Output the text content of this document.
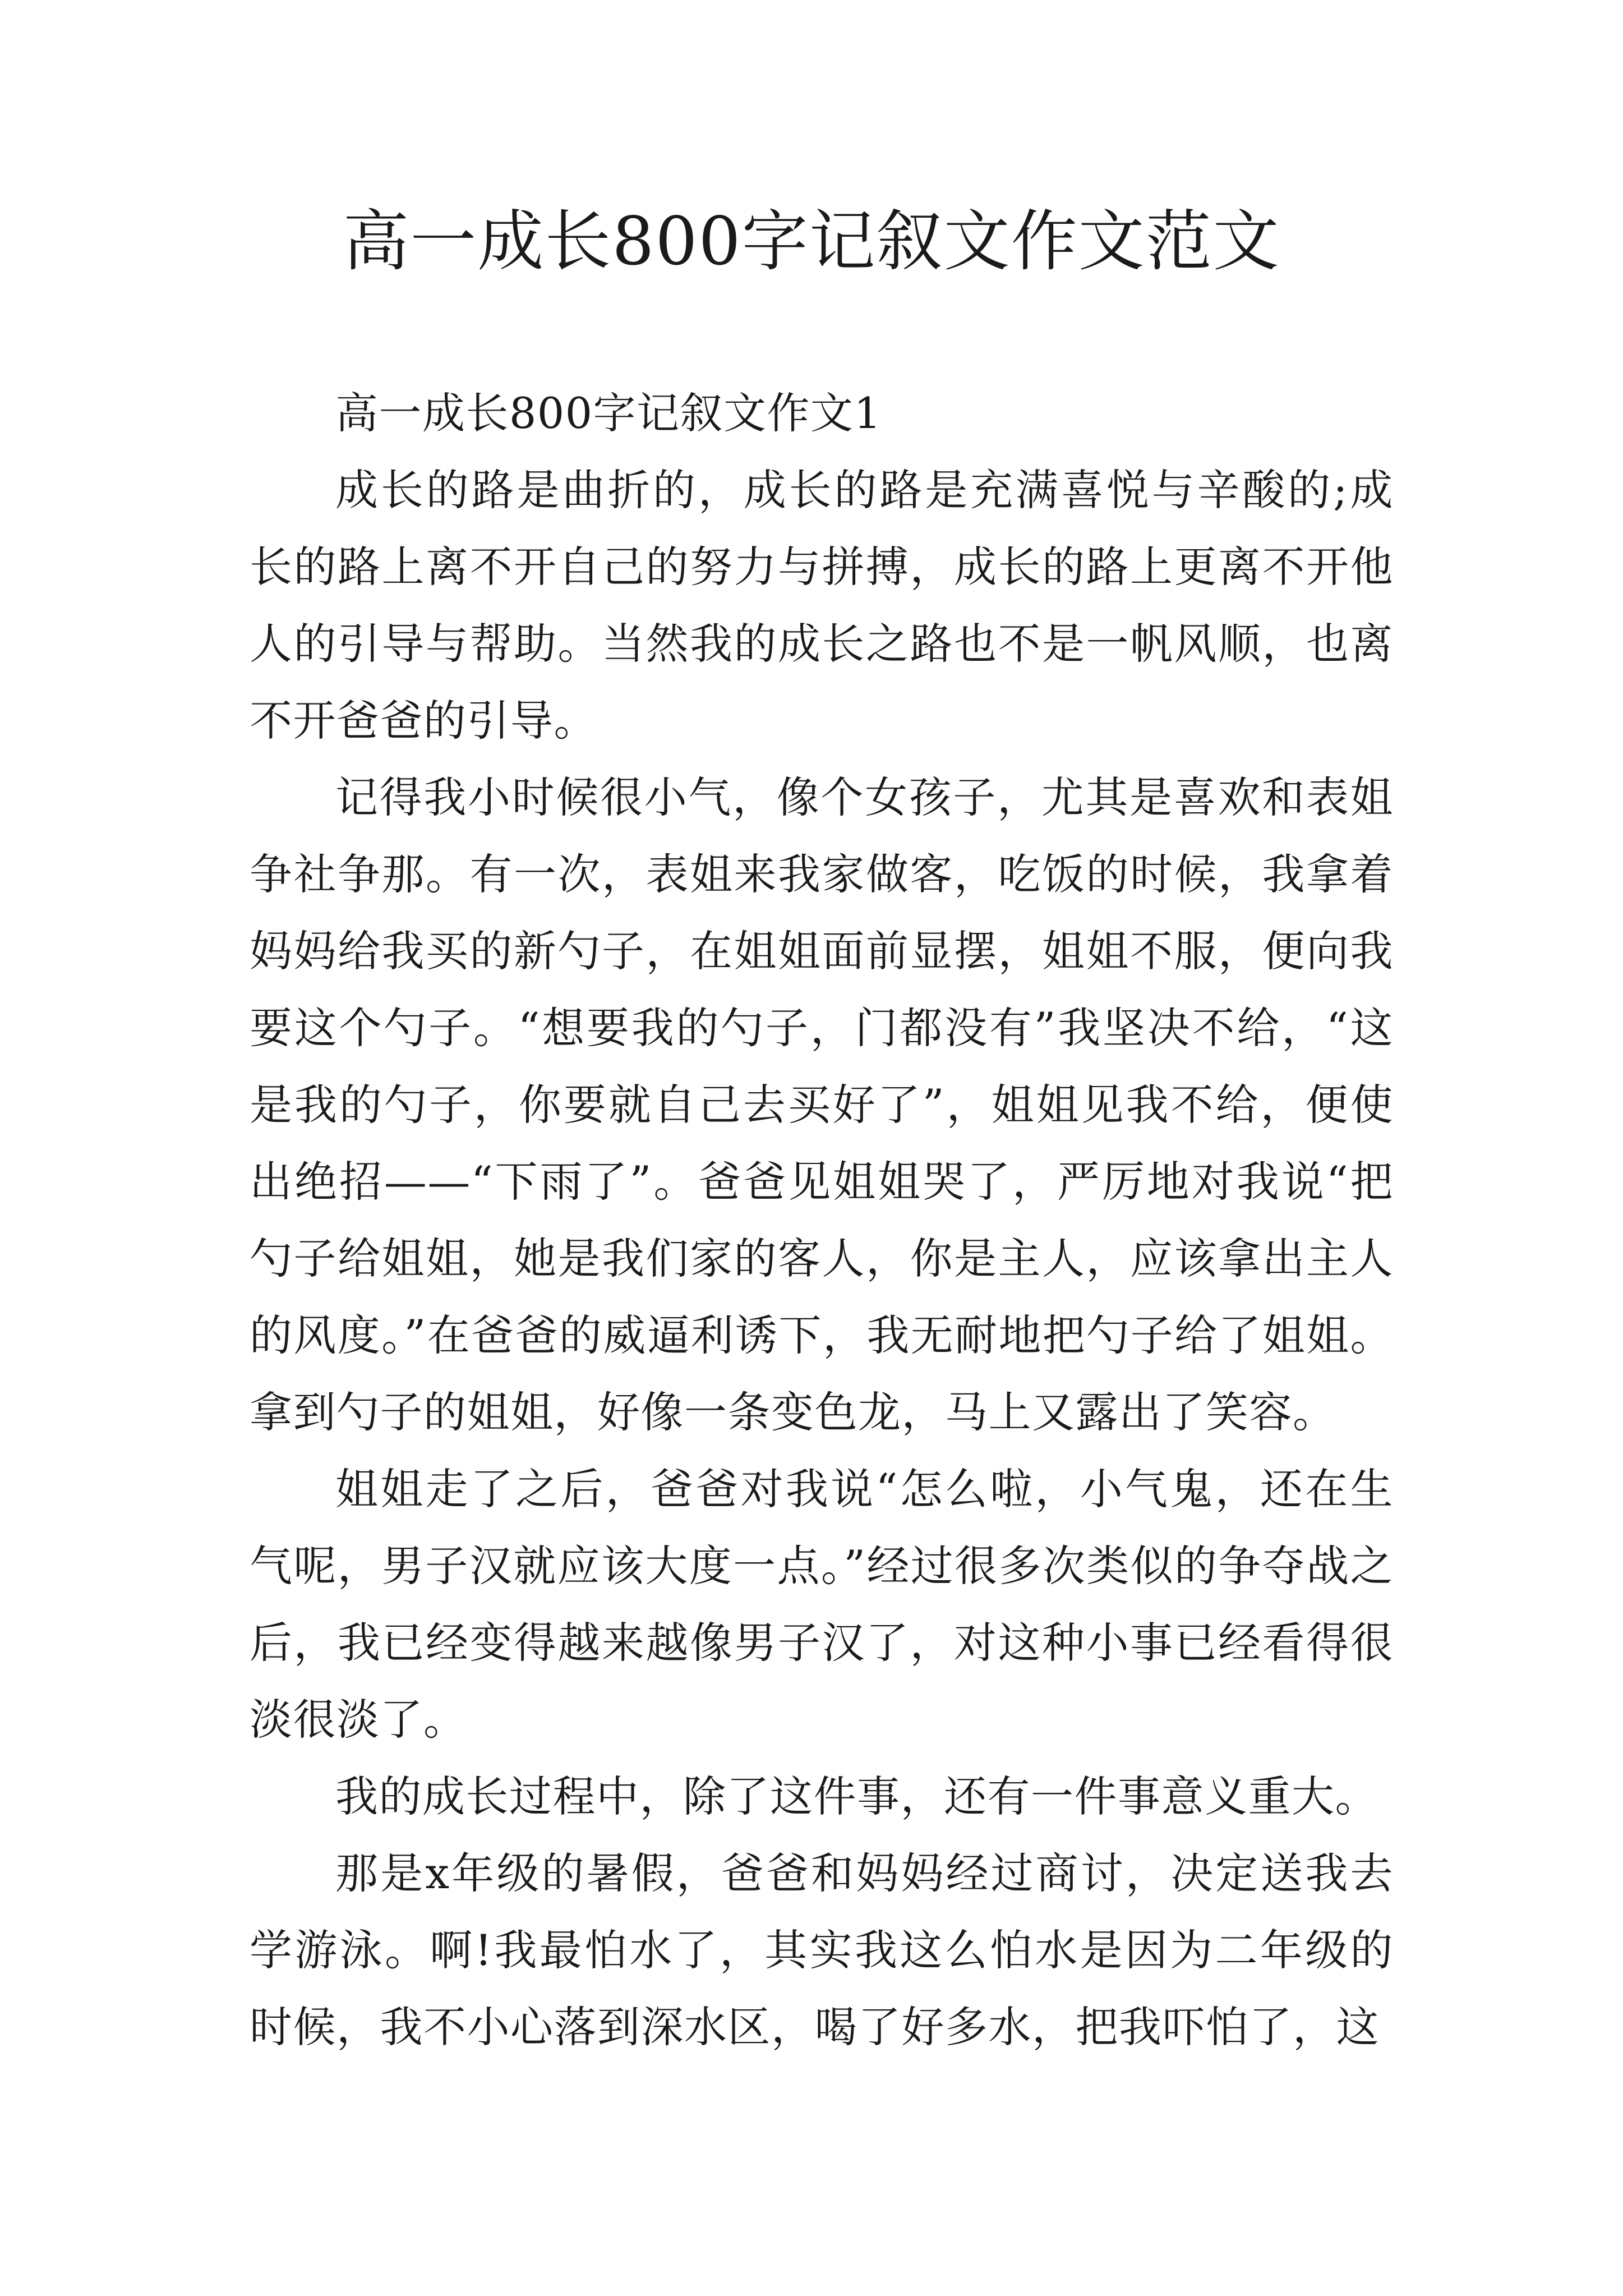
高一成长800字记叙文作文范文

高一成长800字记叙文作文1

成长的路是曲折的，成长的路是充满喜悦与辛酸的;成长的路上离不开自己的努力与拼搏，成长的路上更离不开他人的引导与帮助。当然我的成长之路也不是一帆风顺，也离不开爸爸的引导。

记得我小时候很小气，像个女孩子，尤其是喜欢和表姐争社争那。有一次，表姐来我家做客，吃饭的时候，我拿着妈妈给我买的新勺子，在姐姐面前显摆，姐姐不服，便向我要这个勺子。“想要我的勺子，门都没有”我坚决不给，“这是我的勺子，你要就自己去买好了”，姐姐见我不给，便使出绝招——“下雨了”。爸爸见姐姐哭了，严厉地对我说“把勺子给姐姐，她是我们家的客人，你是主人，应该拿出主人的风度。”在爸爸的威逼利诱下，我无耐地把勺子给了姐姐。拿到勺子的姐姐，好像一条变色龙，马上又露出了笑容。

姐姐走了之后，爸爸对我说“怎么啦，小气鬼，还在生气呢，男子汉就应该大度一点。”经过很多次类似的争夺战之后，我已经变得越来越像男子汉了，对这种小事已经看得很淡很淡了。

我的成长过程中，除了这件事，还有一件事意义重大。

那是x年级的暑假，爸爸和妈妈经过商讨，决定送我去学游泳。啊!我最怕水了，其实我这么怕水是因为二年级的时候，我不小心落到深水区，喝了好多水，把我吓怕了，这
